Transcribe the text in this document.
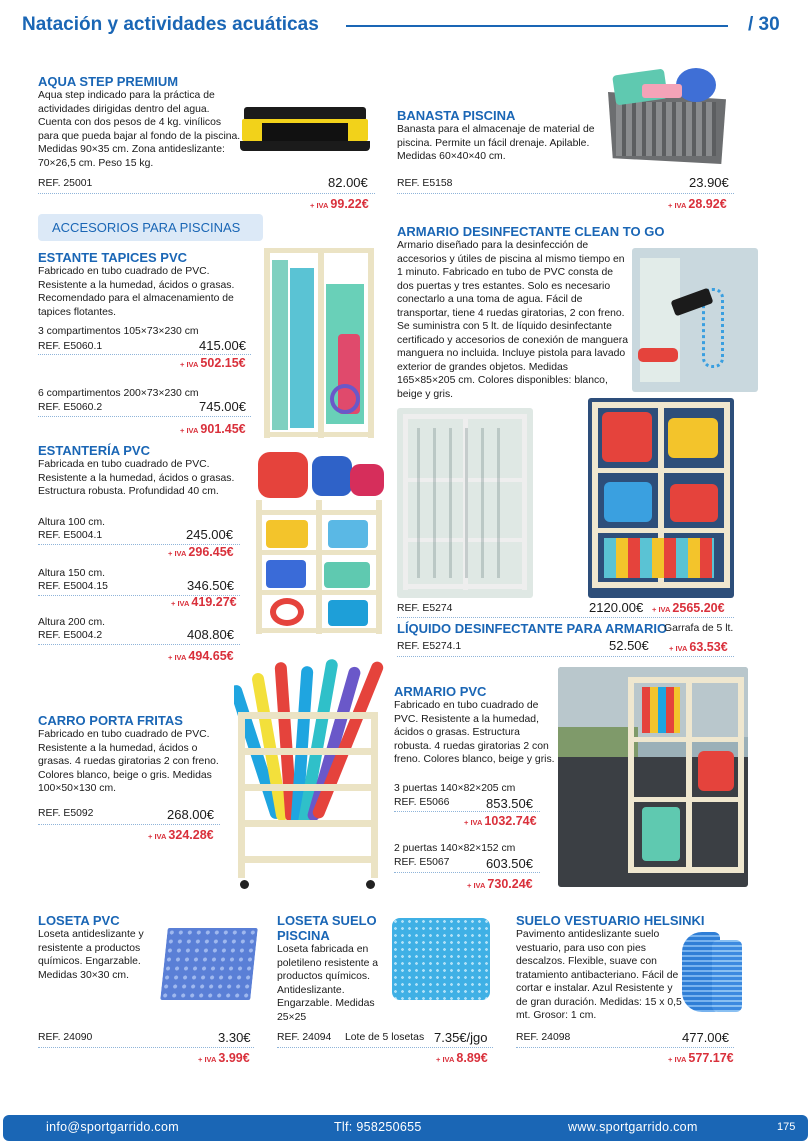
Natación y actividades acuáticas	/ 30
AQUA STEP PREMIUM
Aqua step indicado para la práctica de actividades dirigidas dentro del agua. Cuenta con dos pesos de 4 kg. vinílicos para que pueda bajar al fondo de la piscina. Medidas 90×35 cm. Zona antideslizante: 70×26,5 cm. Peso 15 kg.
REF. 25001	82.00€
+ IVA 99.22€
BANASTA PISCINA
Banasta para el almacenaje de material de piscina. Permite un fácil drenaje. Apilable. Medidas 60×40×40 cm.
REF. E5158	23.90€
+ IVA 28.92€
ACCESORIOS PARA PISCINAS
ESTANTE TAPICES PVC
Fabricado en tubo cuadrado de PVC. Resistente a la humedad, ácidos o grasas. Recomendado para el almacenamiento de tapices flotantes.
3 compartimentos 105×73×230 cm
REF. E5060.1	415.00€
+ IVA 502.15€
6 compartimentos 200×73×230 cm
REF. E5060.2	745.00€
+ IVA 901.45€
ESTANTERÍA PVC
Fabricada en tubo cuadrado de PVC. Resistente a la humedad, ácidos o grasas. Estructura robusta. Profundidad 40 cm.
Altura 100 cm.
REF. E5004.1	245.00€
+ IVA 296.45€
Altura 150 cm.
REF. E5004.15	346.50€
+ IVA 419.27€
Altura 200 cm.
REF. E5004.2	408.80€
+ IVA 494.65€
ARMARIO DESINFECTANTE CLEAN TO GO
Armario diseñado para la desinfección de accesorios y útiles de piscina al mismo tiempo en 1 minuto. Fabricado en tubo de PVC consta de dos puertas y tres estantes. Solo es necesario conectarlo a una toma de agua. Fácil de transportar, tiene 4 ruedas giratorias, 2 con freno. Se suministra con 5 lt. de líquido desinfectante certificado y accesorios de conexión de manguera manguera no incluida. Incluye pistola para lavado exterior de grandes objetos. Medidas 165×85×205 cm. Colores disponibles: blanco, beige y gris.
REF. E5274	2120.00€ + IVA 2565.20€
LÍQUIDO DESINFECTANTE PARA ARMARIO
Garrafa de 5 lt.
REF. E5274.1	52.50€	+ IVA 63.53€
CARRO PORTA FRITAS
Fabricado en tubo cuadrado de PVC. Resistente a la humedad, ácidos o grasas. 4 ruedas giratorias 2 con freno. Colores blanco, beige o gris. Medidas 100×50×130 cm.
268.00€
REF. E5092
+ IVA 324.28€
ARMARIO PVC
Fabricado en tubo cuadrado de PVC. Resistente a la humedad, ácidos o grasas. Estructura robusta. 4 ruedas giratorias 2 con freno. Colores blanco, beige y gris.
3 puertas 140×82×205 cm
REF. E5066	853.50€
+ IVA 1032.74€
2 puertas 140×82×152 cm
REF. E5067	603.50€
+ IVA 730.24€
LOSETA PVC
Loseta antideslizante y resistente a productos químicos. Engarzable. Medidas 30×30 cm.
REF. 24090	3.30€
+ IVA 3.99€
LOSETA SUELO PISCINA
Loseta fabricada en poletileno resistente a productos químicos. Antideslizante. Engarzable. Medidas 25×25
REF. 24094 Lote de 5 losetas 7.35€/jgo
+ IVA 8.89€
SUELO VESTUARIO HELSINKI
Pavimento antideslizante suelo vestuario, para uso con pies descalzos. Flexible, suave con tratamiento antibacteriano. Fácil de cortar e instalar. Azul Resistente y de gran duración. Medidas: 15 x 0,5 mt. Grosor: 1 cm.
REF. 24098	477.00€
+ IVA 577.17€
info@sportgarrido.com	Tlf: 958250655	www.sportgarrido.com	175
